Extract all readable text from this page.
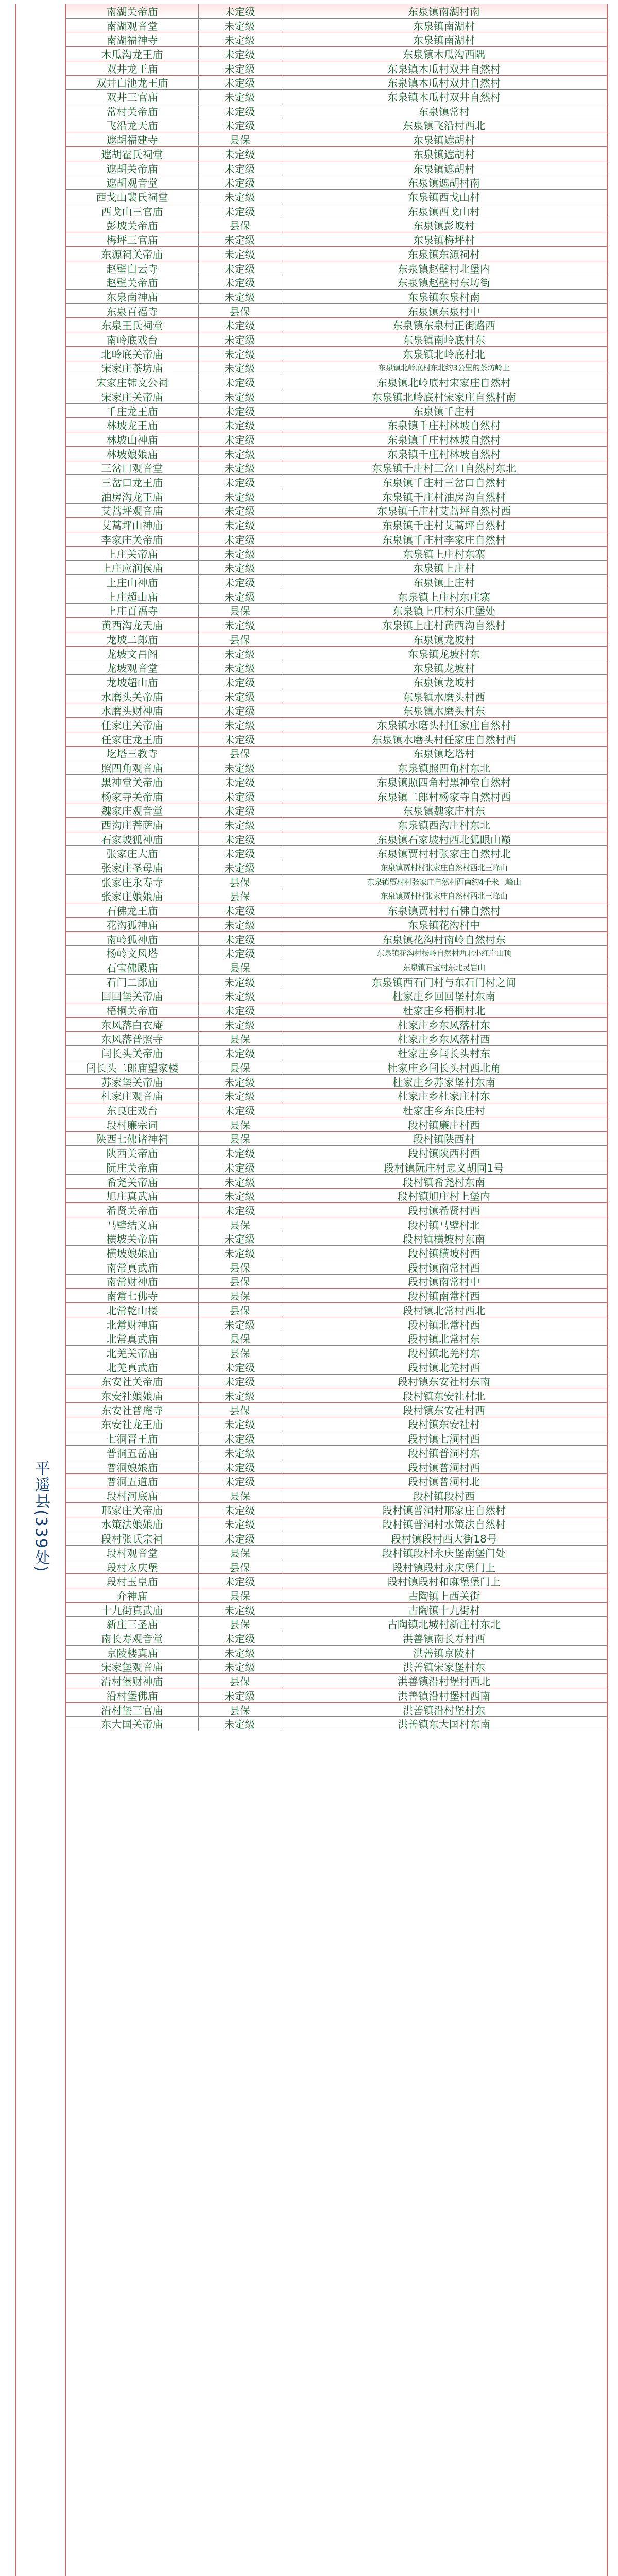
平遥县(339处)
南湖关帝庙	未定级	东泉镇南湖村南
南湖观音堂	未定级	东泉镇南湖村
南湖福神寺	未定级	东泉镇南湖村
木瓜沟龙王庙	未定级	东泉镇木瓜沟西隅
双井龙王庙	未定级	东泉镇木瓜村双井自然村
双井白池龙王庙	未定级	东泉镇木瓜村双井自然村
双井三官庙	未定级	东泉镇木瓜村双井自然村
常村关帝庙	未定级	东泉镇常村
飞沿龙天庙	未定级	东泉镇飞沿村西北
遮胡福建寺	县保	东泉镇遮胡村
遮胡霍氏祠堂	未定级	东泉镇遮胡村
遮胡关帝庙	未定级	东泉镇遮胡村
遮胡观音堂	未定级	东泉镇遮胡村南
西戈山裴氏祠堂	未定级	东泉镇西戈山村
西戈山三官庙	未定级	东泉镇西戈山村
彭坡关帝庙	县保	东泉镇彭坡村
梅坪三官庙	未定级	东泉镇梅坪村
东源祠关帝庙	未定级	东泉镇东源祠村
赵壁白云寺	未定级	东泉镇赵壁村北堡内
赵壁关帝庙	未定级	东泉镇赵壁村东坊街
东泉南神庙	未定级	东泉镇东泉村南
东泉百福寺	县保	东泉镇东泉村中
东泉王氏祠堂	未定级	东泉镇东泉村正街路西
南岭底戏台	未定级	东泉镇南岭底村东
北岭底关帝庙	未定级	东泉镇北岭底村北
宋家庄茶坊庙	未定级	东泉镇北岭底村东北约3公里的茶坊岭上
宋家庄韩文公祠	未定级	东泉镇北岭底村宋家庄自然村
宋家庄关帝庙	未定级	东泉镇北岭底村宋家庄自然村南
千庄龙王庙	未定级	东泉镇千庄村
林坡龙王庙	未定级	东泉镇千庄村林坡自然村
林坡山神庙	未定级	东泉镇千庄村林坡自然村
林坡娘娘庙	未定级	东泉镇千庄村林坡自然村
三岔口观音堂	未定级	东泉镇千庄村三岔口自然村东北
三岔口龙王庙	未定级	东泉镇千庄村三岔口自然村
油房沟龙王庙	未定级	东泉镇千庄村油房沟自然村
艾蒿坪观音庙	未定级	东泉镇千庄村艾蒿坪自然村西
艾蒿坪山神庙	未定级	东泉镇千庄村艾蒿坪自然村
李家庄关帝庙	未定级	东泉镇千庄村李家庄自然村
上庄关帝庙	未定级	东泉镇上庄村东寨
上庄应润侯庙	未定级	东泉镇上庄村
上庄山神庙	未定级	东泉镇上庄村
上庄超山庙	未定级	东泉镇上庄村东庄寨
上庄百福寺	县保	东泉镇上庄村东庄堡处
黄西沟龙天庙	未定级	东泉镇上庄村黄西沟自然村
龙坡二郎庙	县保	东泉镇龙坡村
龙坡文昌阁	未定级	东泉镇龙坡村东
龙坡观音堂	未定级	东泉镇龙坡村
龙坡超山庙	未定级	东泉镇龙坡村
水磨头关帝庙	未定级	东泉镇水磨头村西
水磨头财神庙	未定级	东泉镇水磨头村东
任家庄关帝庙	未定级	东泉镇水磨头村任家庄自然村
任家庄龙王庙	未定级	东泉镇水磨头村任家庄自然村西
圪塔三教寺	县保	东泉镇圪塔村
照四角观音庙	未定级	东泉镇照四角村东北
黑神堂关帝庙	未定级	东泉镇照四角村黑神堂自然村
杨家寺关帝庙	未定级	东泉镇二郎村杨家寺自然村西
魏家庄观音堂	未定级	东泉镇魏家庄村东
西沟庄菩萨庙	未定级	东泉镇西沟庄村东北
石家坡狐神庙	未定级	东泉镇石家坡村西北狐眼山巅
张家庄大庙	未定级	东泉镇贾村村张家庄自然村北
张家庄圣母庙	未定级	东泉镇贾村村张家庄自然村西北三峰山
张家庄永寿寺	县保	东泉镇贾村村张家庄自然村西南约4千米三峰山
张家庄娘娘庙	县保	东泉镇贾村村张家庄自然村西北三峰山
石佛龙王庙	未定级	东泉镇贾村村石佛自然村
花沟狐神庙	未定级	东泉镇花沟村中
南岭狐神庙	未定级	东泉镇花沟村南岭自然村东
杨岭文风塔	未定级	东泉镇花沟村杨岭自然村西北小红崖山顶
石宝佛殿庙	县保	东泉镇石宝村东北灵岩山
石门二郎庙	未定级	东泉镇西石门村与东石门村之间
回回堡关帝庙	未定级	杜家庄乡回回堡村东南
梧桐关帝庙	未定级	杜家庄乡梧桐村北
东风落白衣庵	未定级	杜家庄乡东风落村东
东风落普照寺	县保	杜家庄乡东风落村西
闫长头关帝庙	未定级	杜家庄乡闫长头村东
闫长头二郎庙望家楼	县保	杜家庄乡闫长头村西北角
苏家堡关帝庙	未定级	杜家庄乡苏家堡村东南
杜家庄观音庙	未定级	杜家庄乡杜家庄村东
东良庄戏台	未定级	杜家庄乡东良庄村
段村廉宗词	县保	段村镇廉庄村西
陕西七佛诸神祠	县保	段村镇陕西村
陕西关帝庙	未定级	段村镇陕西村西
阮庄关帝庙	未定级	段村镇阮庄村忠义胡同1号
希尧关帝庙	未定级	段村镇希尧村东南
旭庄真武庙	未定级	段村镇旭庄村上堡内
希贤关帝庙	未定级	段村镇希贤村西
马壁结义庙	县保	段村镇马壁村北
横坡关帝庙	未定级	段村镇横坡村东南
横坡娘娘庙	未定级	段村镇横坡村西
南常真武庙	县保	段村镇南常村西
南常财神庙	县保	段村镇南常村中
南常七佛寺	县保	段村镇南常村西
北常乾山楼	县保	段村镇北常村西北
北常财神庙	未定级	段村镇北常村西
北常真武庙	县保	段村镇北常村东
北羌关帝庙	县保	段村镇北羌村东
北羌真武庙	未定级	段村镇北羌村西
东安社关帝庙	未定级	段村镇东安社村东南
东安社娘娘庙	未定级	段村镇东安社村北
东安社普庵寺	县保	段村镇东安社村西
东安社龙王庙	未定级	段村镇东安社村
七洞晋王庙	未定级	段村镇七洞村西
普洞五岳庙	未定级	段村镇普洞村东
普洞娘娘庙	未定级	段村镇普洞村西
普洞五道庙	未定级	段村镇普洞村北
段村河底庙	县保	段村镇段村西
邢家庄关帝庙	未定级	段村镇普洞村邢家庄自然村
水策法娘娘庙	未定级	段村镇普洞村水策法自然村
段村张氏宗祠	未定级	段村镇段村西大街18号
段村观音堂	县保	段村镇段村永庆堡南堡门处
段村永庆堡	县保	段村镇段村永庆堡门上
段村玉皇庙	未定级	段村镇段村和麻堡堡门上
介神庙	县保	古陶镇上西关街
十九街真武庙	未定级	古陶镇十九街村
新庄三圣庙	县保	古陶镇北城村新庄村东北
南长寿观音堂	未定级	洪善镇南长寿村西
京陵楼真庙	未定级	洪善镇京陵村
宋家堡观音庙	未定级	洪善镇宋家堡村东
沿村堡财神庙	县保	洪善镇沿村堡村西北
沿村堡佛庙	未定级	洪善镇沿村堡村西南
沿村堡三官庙	县保	洪善镇沿村堡村东
东大国关帝庙	未定级	洪善镇东大国村东南
